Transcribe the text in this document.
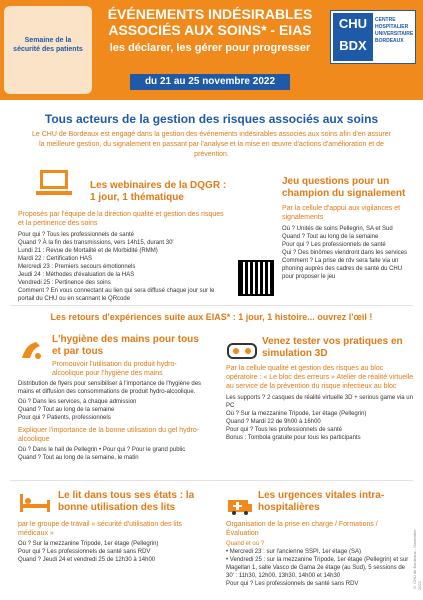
Semaine de la sécurité des patients
ÉVÉNEMENTS INDÉSIRABLES ASSOCIÉS AUX SOINS* - EIAS
les déclarer, les gérer pour progresser
du 21 au 25 novembre 2022
CHU
BDX
CENTRE HOSPITALIER UNIVERSITAIRE BORDEAUX
Tous acteurs de la gestion des risques associés aux soins
Le CHU de Bordeaux est engagé dans la gestion des événements indésirables associés aux soins afin d'en assurer la meilleure gestion, du signalement en passant par l'analyse et la mise en œuvre d'actions d'amélioration et de prévention.
Les webinaires de la DQGR :
1 jour, 1 thématique
Proposés par l'équipe de la direction qualité et gestion des risques et la pertinence des soins
Pour qui ? Tous les professionnels de santé
Quand ? À la fin des transmissions, vers 14h15, durant 30'
Lundi 21 : Revue de Mortalité et de Morbidité (RMM)
Mardi 22 : Certification HAS
Mercredi 23 : Premiers secours émotionnels
Jeudi 24 : Méthodes d'évaluation de la HAS
Vendredi 25 : Pertinence des soins
Comment ? En vous connectant au lien qui sera diffusé chaque jour sur le portail du CHU ou en scannant le QRcode
Jeu questions pour un champion du signalement
Par la cellule d'appui aux vigilances et signalements
Où ? Unités de soins Pellegrin, SA et Sud
Quand ? Tout au long de la semaine
Pour qui ? Les professionnels de santé
Qui ? Des binômes viendront dans les services
Comment ? La prise de rdv sera faite via un phoning auprès des cadres de santé du CHU pour proposer le jeu
Les retours d'expériences suite aux EIAS* : 1 jour, 1 histoire... ouvrez l'œil !
L'hygiène des mains pour tous et par tous
Promouvoir l'utilisation du produit hydro-alcoolique pour l'hygiène des mains
Distribution de flyers pour sensibiliser à l'importance de l'hygiène des mains et diffusion des consommations de produit hydro-alcoolique.
Où ? Dans les services, à chaque admission
Quand ? Tout au long de la semaine
Pour qui ? Patients, professionnels
Expliquer l'importance de la bonne utilisation du gel hydro-alcoolique
Où ? Dans le hall de Pellegrin • Pour qui ? Pour le grand public
Quand ? Tout au long de la semaine, le matin
Venez tester vos pratiques en simulation 3D
Par la cellule qualité et gestion des risques au bloc opératoire : « Le bloc des erreurs » Atelier de réalité virtuelle au service de la prévention du risque infectieux au bloc
Les supports ? 2 casques de réalité virtuelle 3D + serious game via un PC
Où ? Sur la mezzanine Tripode, 1er étage (Pellegrin)
Quand ? Mardi 22 de 9h00 à 16h00
Pour qui ? Tous les professionnels de santé
Bonus : Tombola gratuite pour tous les participants
Le lit dans tous ses états : la bonne utilisation des lits
par le groupe de travail « sécurité d'utilisation des lits médicaux »
Où ? Sur la mezzanine Tripode, 1er étage (Pellegrin)
Pour qui ? Les professionnels de santé sans RDV
Quand ? Jeudi 24 et vendredi 25 de 12h30 à 14h00
Les urgences vitales intra-hospitalières
Organisation de la prise en charge / Formations / Évaluation
Quand et où ?
• Mercredi 23 : sur l'ancienne SSPI, 1er étage (SA)
• Vendredi 25 : sur la mezzanine Tripode, 1er étage (Pellegrin) et sur Magellan 1, salle Vasco de Gama 2e étage (au Sud), 5 sessions de 30' : 11h30, 12h00, 13h30, 14h00 et 14h30
Pour qui ? Les professionnels de santé sans RDV	© CHU de Bordeaux - Novembre 2022
